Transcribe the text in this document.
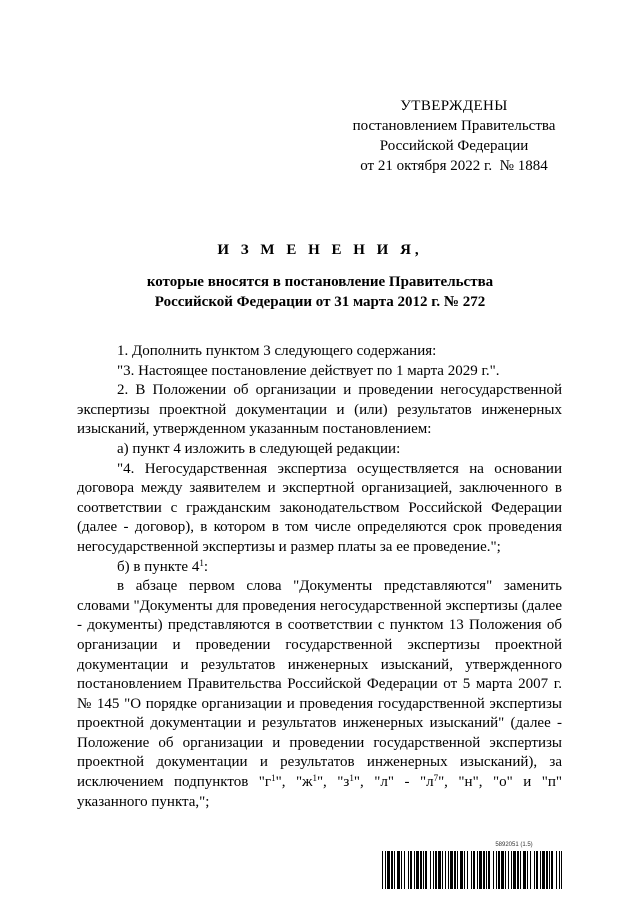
УТВЕРЖДЕНЫ
постановлением Правительства
Российской Федерации
от 21 октября 2022 г.  № 1884
И З М Е Н Е Н И Я,
которые вносятся в постановление Правительства
Российской Федерации от 31 марта 2012 г. № 272

1. Дополнить пунктом 3 следующего содержания:

"3. Настоящее постановление действует по 1 марта 2029 г.".

2. В Положении об организации и проведении негосударственной экспертизы проектной документации и (или) результатов инженерных изысканий, утвержденном указанным постановлением:

а) пункт 4 изложить в следующей редакции:

"4. Негосударственная экспертиза осуществляется на основании договора между заявителем и экспертной организацией, заключенного в соответствии с гражданским законодательством Российской Федерации (далее - договор), в котором в том числе определяются срок проведения негосударственной экспертизы и размер платы за ее проведение.";

б) в пункте $4^1$:

в абзаце первом слова "Документы представляются" заменить словами "Документы для проведения негосударственной экспертизы (далее - документы) представляются в соответствии с пунктом 13 Положения об организации и проведении государственной экспертизы проектной документации и результатов инженерных изысканий, утвержденного постановлением Правительства Российской Федерации от 5 марта 2007 г. № 145 "О порядке организации и проведения государственной экспертизы проектной документации и результатов инженерных изысканий" (далее - Положение об организации и проведении государственной экспертизы проектной документации и результатов инженерных изысканий), за исключением подпунктов "$г^1$", "$ж^1$", "$з^1$", "л" - "$л^7$", "н", "о" и "п" указанного пункта,";

5892051 (1.5)
